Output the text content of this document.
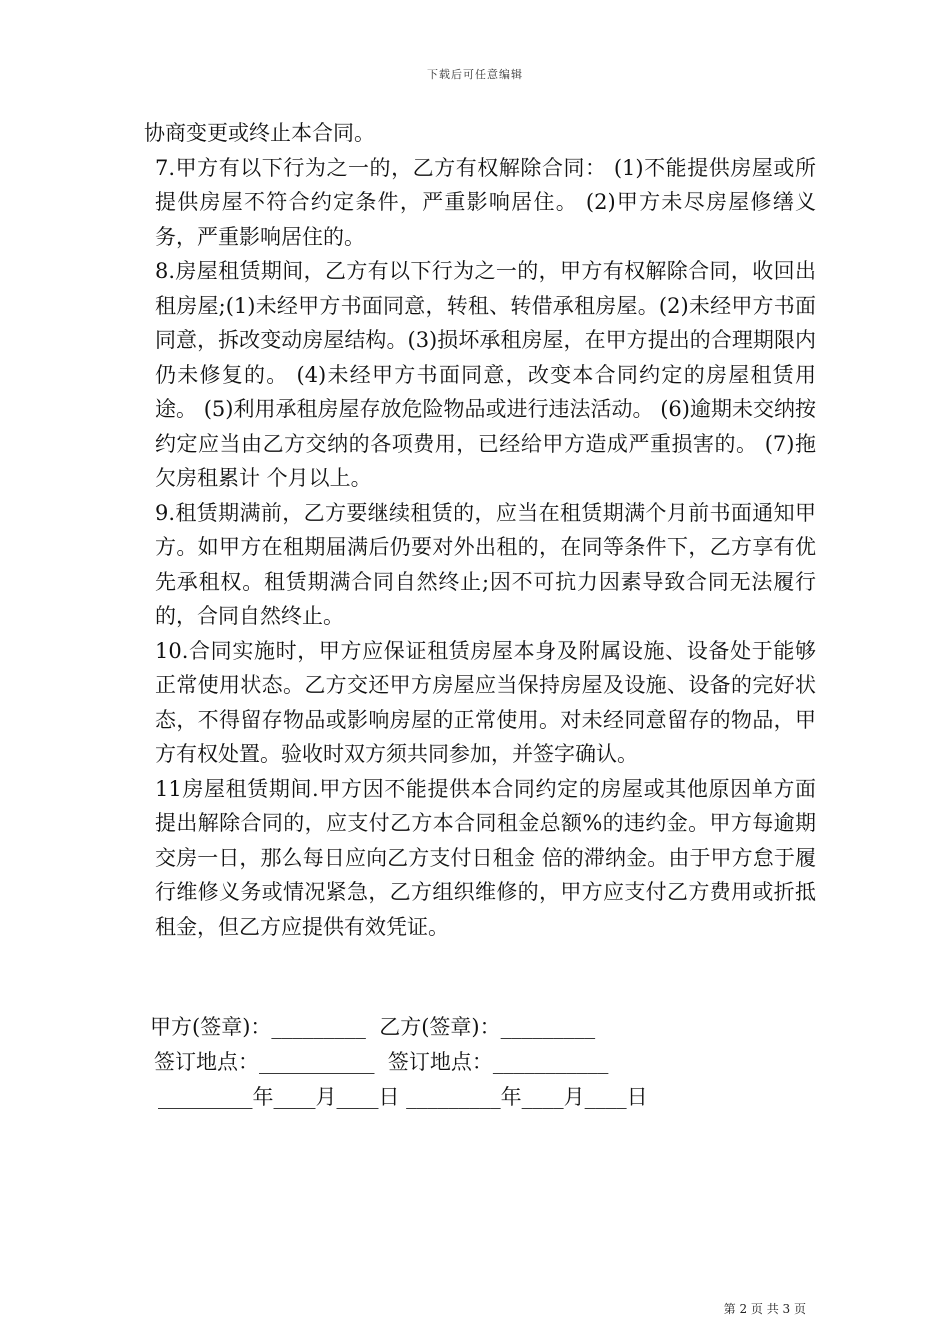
下载后可任意编辑

协商变更或终止本合同。

7.甲方有以下行为之一的，乙方有权解除合同： (1)不能提供房屋或所提供房屋不符合约定条件，严重影响居住。 (2)甲方未尽房屋修缮义务，严重影响居住的。

8.房屋租赁期间，乙方有以下行为之一的，甲方有权解除合同，收回出租房屋;(1)未经甲方书面同意，转租、转借承租房屋。(2)未经甲方书面同意，拆改变动房屋结构。(3)损坏承租房屋，在甲方提出的合理期限内仍未修复的。 (4)未经甲方书面同意，改变本合同约定的房屋租赁用途。 (5)利用承租房屋存放危险物品或进行违法活动。 (6)逾期未交纳按约定应当由乙方交纳的各项费用，已经给甲方造成严重损害的。 (7)拖欠房租累计 个月以上。

9.租赁期满前，乙方要继续租赁的，应当在租赁期满个月前书面通知甲方。如甲方在租期届满后仍要对外出租的，在同等条件下，乙方享有优先承租权。租赁期满合同自然终止;因不可抗力因素导致合同无法履行的，合同自然终止。

10.合同实施时，甲方应保证租赁房屋本身及附属设施、设备处于能够正常使用状态。乙方交还甲方房屋应当保持房屋及设施、设备的完好状态，不得留存物品或影响房屋的正常使用。对未经同意留存的物品，甲方有权处置。验收时双方须共同参加，并签字确认。

11房屋租赁期间.甲方因不能提供本合同约定的房屋或其他原因单方面提出解除合同的，应支付乙方本合同租金总额%的违约金。甲方每逾期交房一日，那么每日应向乙方支付日租金 倍的滞纳金。由于甲方怠于履行维修义务或情况紧急，乙方组织维修的，甲方应支付乙方费用或折抵租金，但乙方应提供有效凭证。

甲方(签章)：_________  乙方(签章)：_________
签订地点：___________  签订地点：___________
_________年____月____日 _________年____月____日
第 2 页 共 3 页
